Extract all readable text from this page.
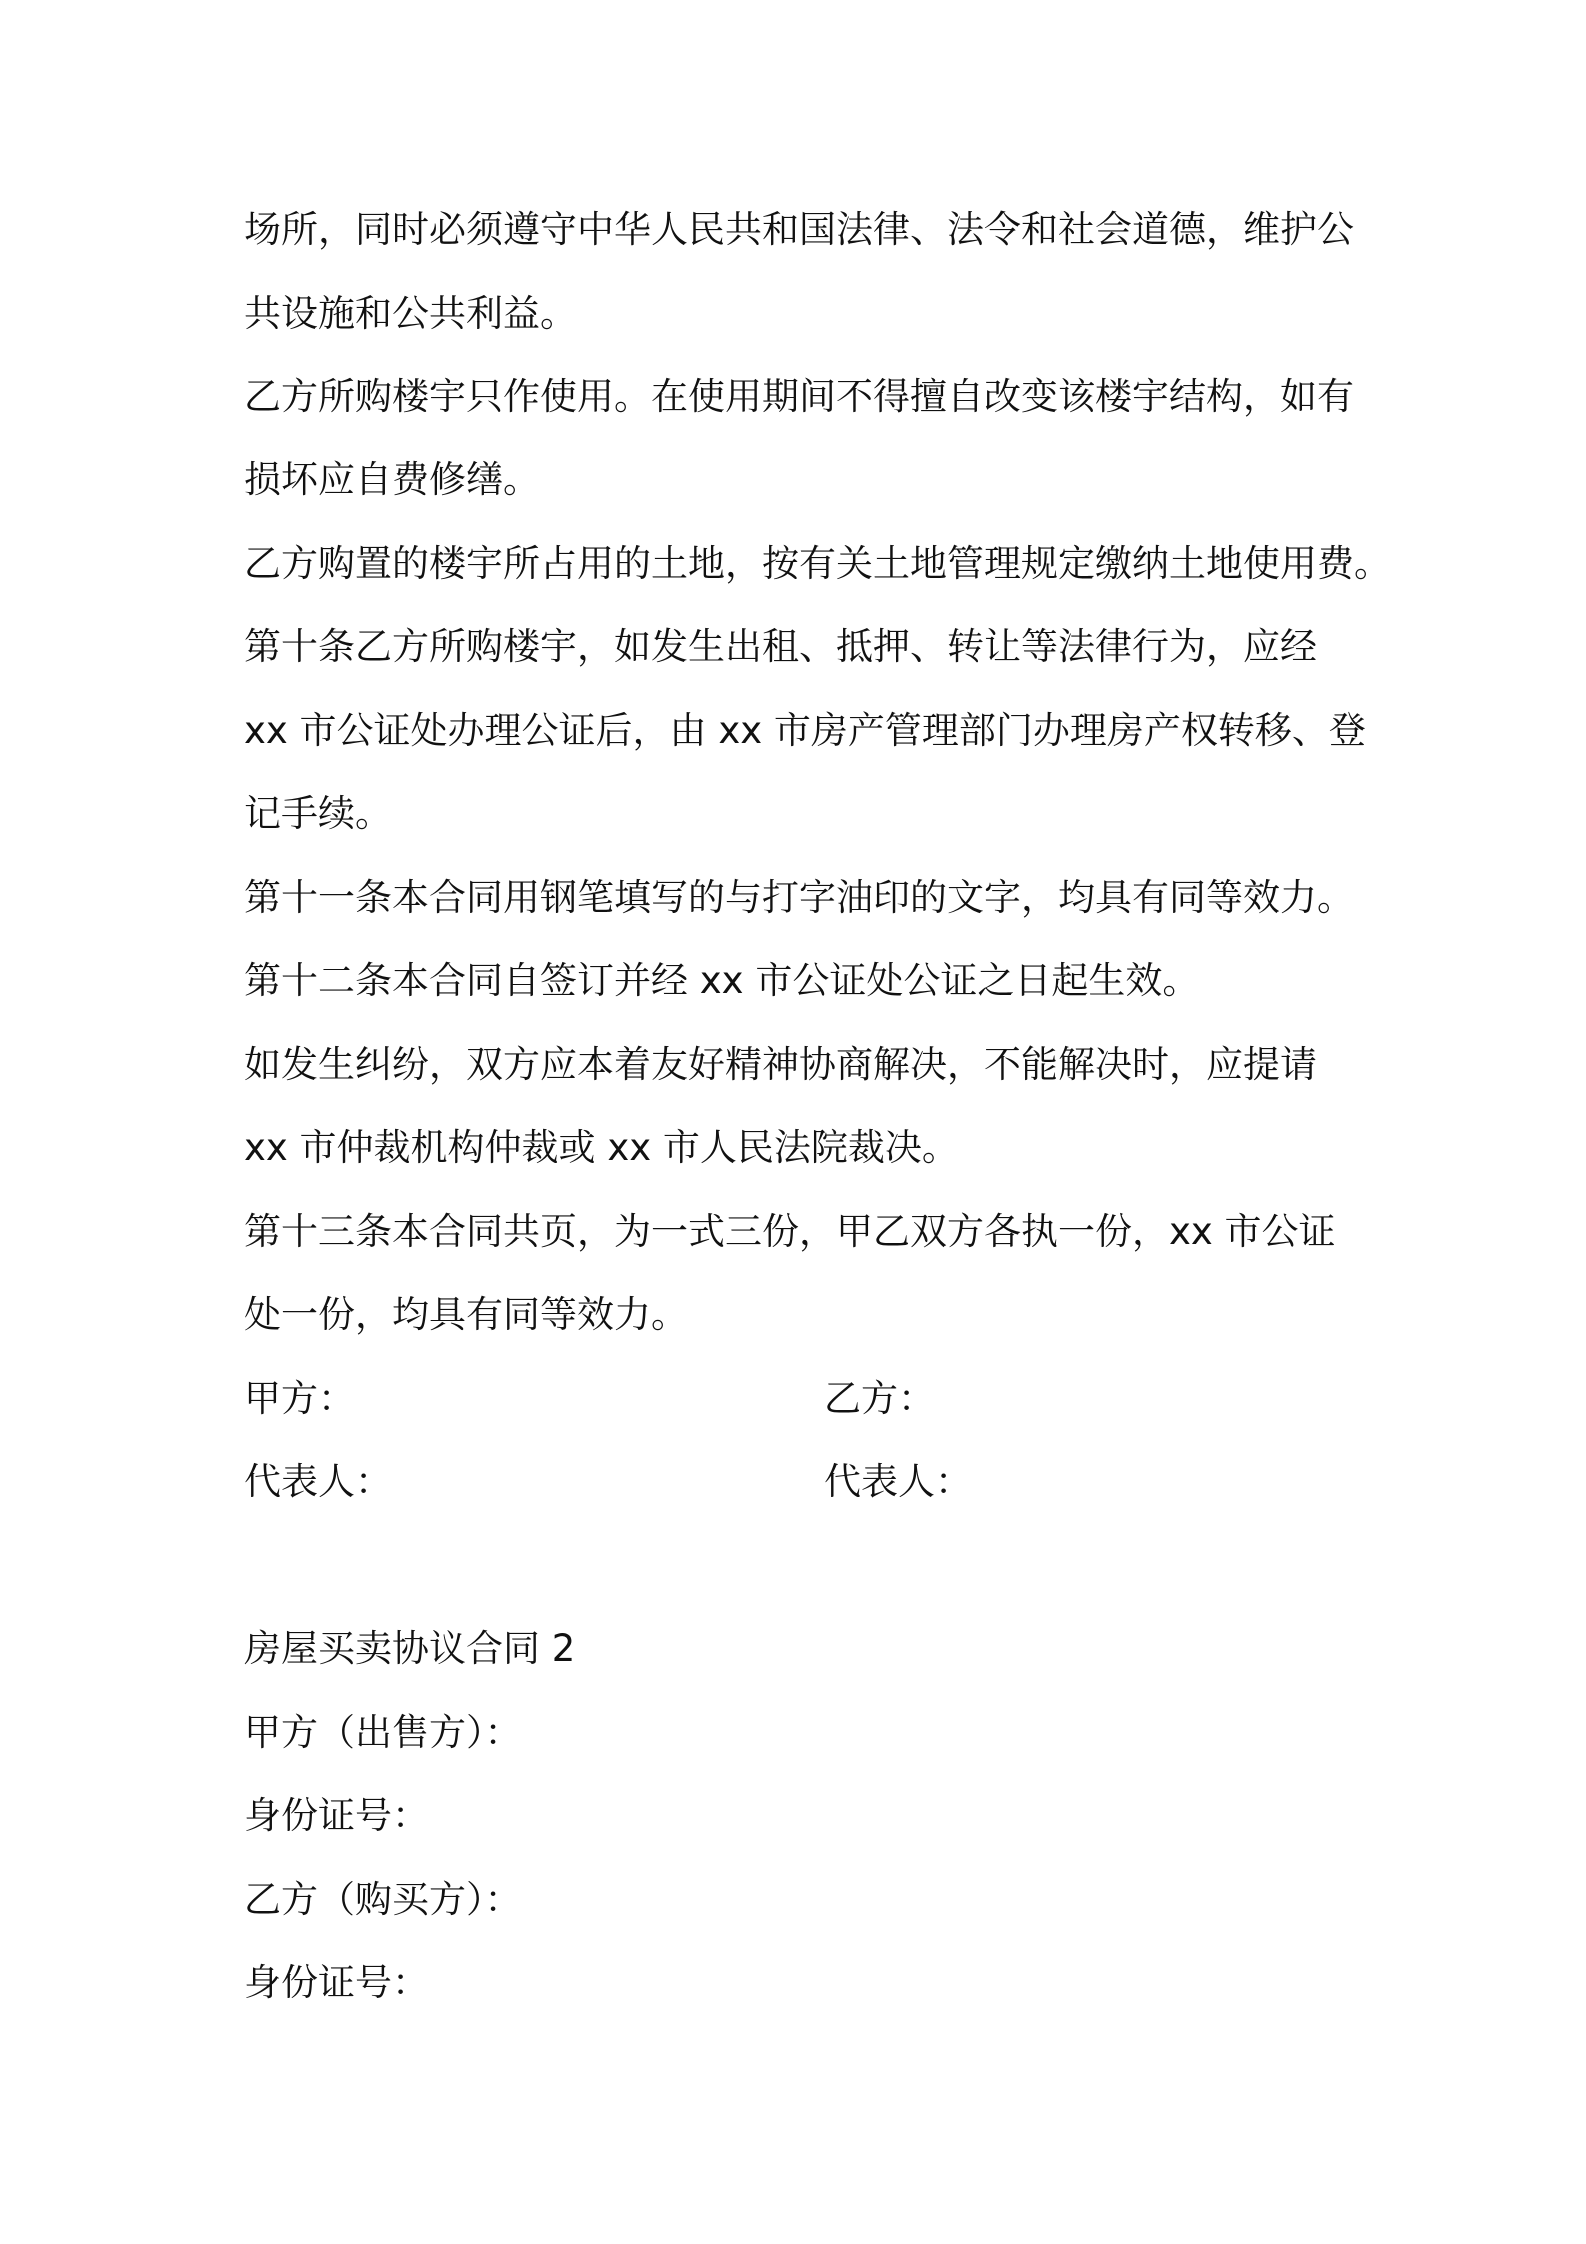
场所，同时必须遵守中华人民共和国法律、法令和社会道德，维护公
共设施和公共利益。
乙方所购楼宇只作使用。在使用期间不得擅自改变该楼宇结构，如有
损坏应自费修缮。
乙方购置的楼宇所占用的土地，按有关土地管理规定缴纳土地使用费。
第十条乙方所购楼宇，如发生出租、抵押、转让等法律行为，应经
xx 市公证处办理公证后，由 xx 市房产管理部门办理房产权转移、登
记手续。
第十一条本合同用钢笔填写的与打字油印的文字，均具有同等效力。
第十二条本合同自签订并经 xx 市公证处公证之日起生效。
如发生纠纷，双方应本着友好精神协商解决，不能解决时，应提请
xx 市仲裁机构仲裁或 xx 市人民法院裁决。
第十三条本合同共页，为一式三份，甲乙双方各执一份，xx 市公证
处一份，均具有同等效力。
甲方：	乙方：
代表人：	代表人：
房屋买卖协议合同 2
甲方（出售方）：
身份证号：
乙方（购买方）：
身份证号：
